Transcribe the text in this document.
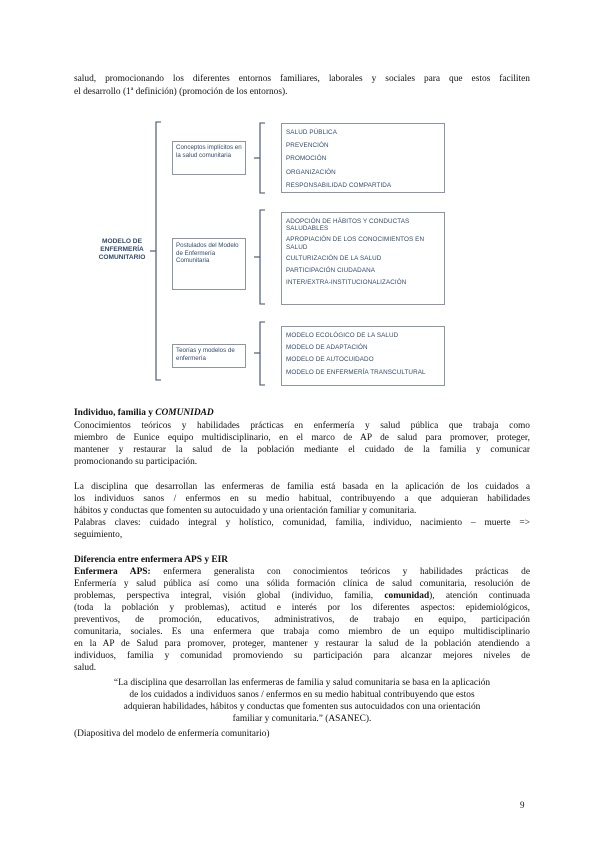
salud, promocionando los diferentes entornos familiares, laborales y sociales para que estos faciliten
el desarrollo (1ª definición) (promoción de los entornos).
MODELO DE ENFERMERÍA COMUNITARIO
Conceptos implícitos en la salud comunitaria
Postulados del Modelo de Enfermería Comunitaria
Teorías y modelos de enfermería
SALUD PÚBLICA
PREVENCIÓN
PROMOCIÓN
ORGANIZACIÓN
RESPONSABILIDAD COMPARTIDA
ADOPCIÓN DE HÁBITOS Y CONDUCTAS SALUDABLES
APROPIACIÓN DE LOS CONOCIMIENTOS EN SALUD
CULTURIZACIÓN DE LA SALUD
PARTICIPACIÓN CIUDADANA
INTER/EXTRA-INSTITUCIONALIZACIÓN
MODELO ECOLÓGICO DE LA SALUD
MODELO DE ADAPTACIÓN
MODELO DE AUTOCUIDADO
MODELO DE ENFERMERÍA TRANSCULTURAL
Individuo, familia y COMUNIDAD
Conocimientos teóricos y habilidades prácticas en enfermería y salud pública que trabaja como
miembro de Eunice equipo multidisciplinario, en el marco de AP de salud para promover, proteger,
mantener y restaurar la salud de la población mediante el cuidado de la familia y comunicar
promocionando su participación.
La disciplina que desarrollan las enfermeras de familia está basada en la aplicación de los cuidados a
los individuos sanos / enfermos en su medio habitual, contribuyendo a que adquieran habilidades
hábitos y conductas que fomenten su autocuidado y una orientación familiar y comunitaria.
Palabras claves: cuidado integral y holístico, comunidad, familia, individuo, nacimiento – muerte =>
seguimiento,
Diferencia entre enfermera APS y EIR
Enfermera APS: enfermera generalista con conocimientos teóricos y habilidades prácticas de
Enfermería y salud pública así como una sólida formación clínica de salud comunitaria, resolución de
problemas, perspectiva integral, visión global (individuo, familia, comunidad), atención continuada
(toda la población y problemas), actitud e interés por los diferentes aspectos: epidemiológicos,
preventivos, de promoción, educativos, administrativos, de trabajo en equipo, participación
comunitaria, sociales. Es una enfermera que trabaja como miembro de un equipo multidisciplinario
en la AP de Salud para promover, proteger, mantener y restaurar la salud de la población atendiendo a
individuos, familia y comunidad promoviendo su participación para alcanzar mejores niveles de
salud.
“La disciplina que desarrollan las enfermeras de familia y salud comunitaria se basa en la aplicación
de los cuidados a individuos sanos / enfermos en su medio habitual contribuyendo que estos
adquieran habilidades, hábitos y conductas que fomenten sus autocuidados con una orientación
familiar y comunitaria.” (ASANEC).
(Diapositiva del modelo de enfermería comunitario)
9
